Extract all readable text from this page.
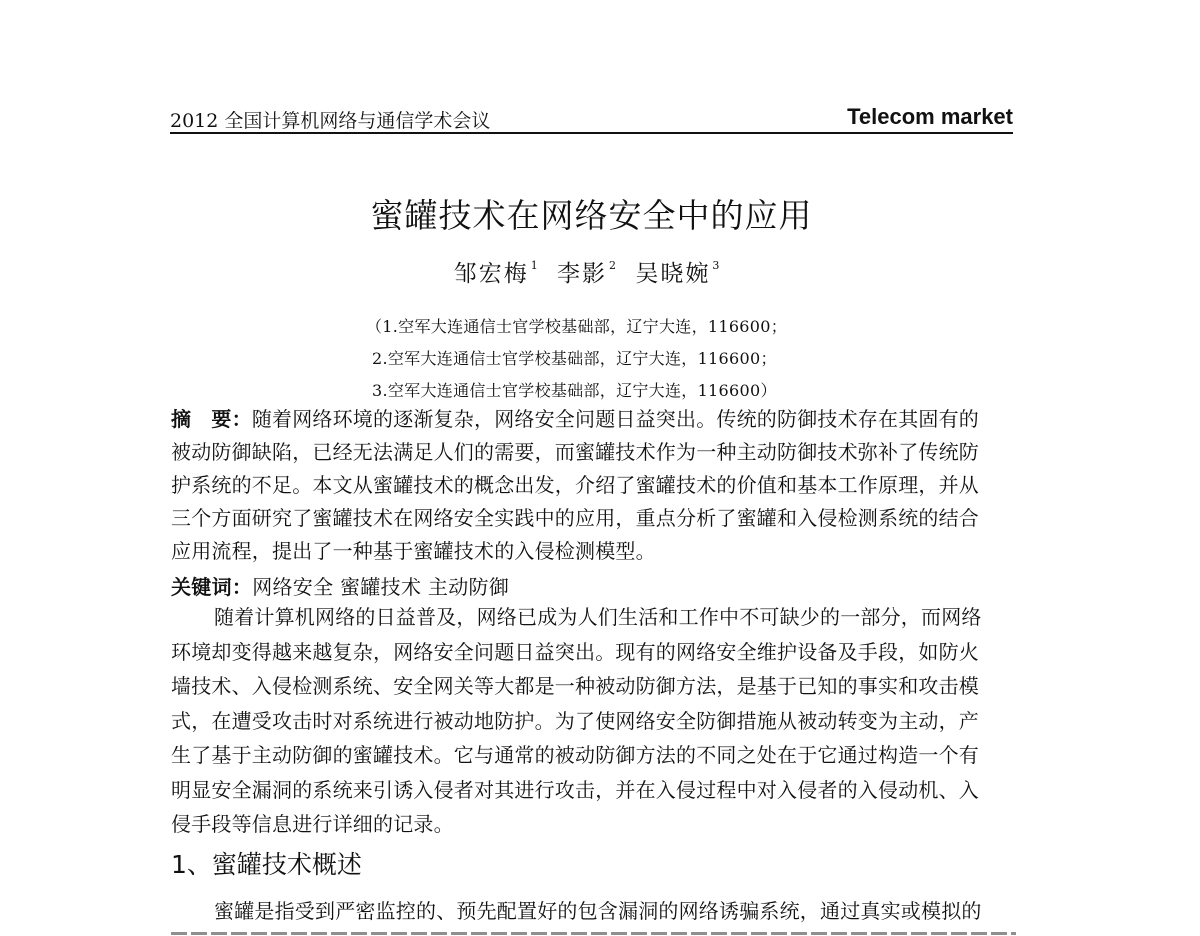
2012 全国计算机网络与通信学术会议	Telecom market
蜜罐技术在网络安全中的应用
邹宏梅 $^1$ 李影 $^2$ 吴晓婉 $^3$
（1.空军大连通信士官学校基础部，辽宁大连，116600；
2.空军大连通信士官学校基础部，辽宁大连，116600；
3.空军大连通信士官学校基础部，辽宁大连，116600）
摘　要：随着网络环境的逐渐复杂，网络安全问题日益突出。传统的防御技术存在其固有的
被动防御缺陷，已经无法满足人们的需要，而蜜罐技术作为一种主动防御技术弥补了传统防
护系统的不足。本文从蜜罐技术的概念出发，介绍了蜜罐技术的价值和基本工作原理，并从
三个方面研究了蜜罐技术在网络安全实践中的应用，重点分析了蜜罐和入侵检测系统的结合
应用流程，提出了一种基于蜜罐技术的入侵检测模型。
关键词：网络安全 蜜罐技术 主动防御
随着计算机网络的日益普及，网络已成为人们生活和工作中不可缺少的一部分，而网络
环境却变得越来越复杂，网络安全问题日益突出。现有的网络安全维护设备及手段，如防火
墙技术、入侵检测系统、安全网关等大都是一种被动防御方法，是基于已知的事实和攻击模
式，在遭受攻击时对系统进行被动地防护。为了使网络安全防御措施从被动转变为主动，产
生了基于主动防御的蜜罐技术。它与通常的被动防御方法的不同之处在于它通过构造一个有
明显安全漏洞的系统来引诱入侵者对其进行攻击，并在入侵过程中对入侵者的入侵动机、入
侵手段等信息进行详细的记录。
1、蜜罐技术概述
蜜罐是指受到严密监控的、预先配置好的包含漏洞的网络诱骗系统，通过真实或模拟的
